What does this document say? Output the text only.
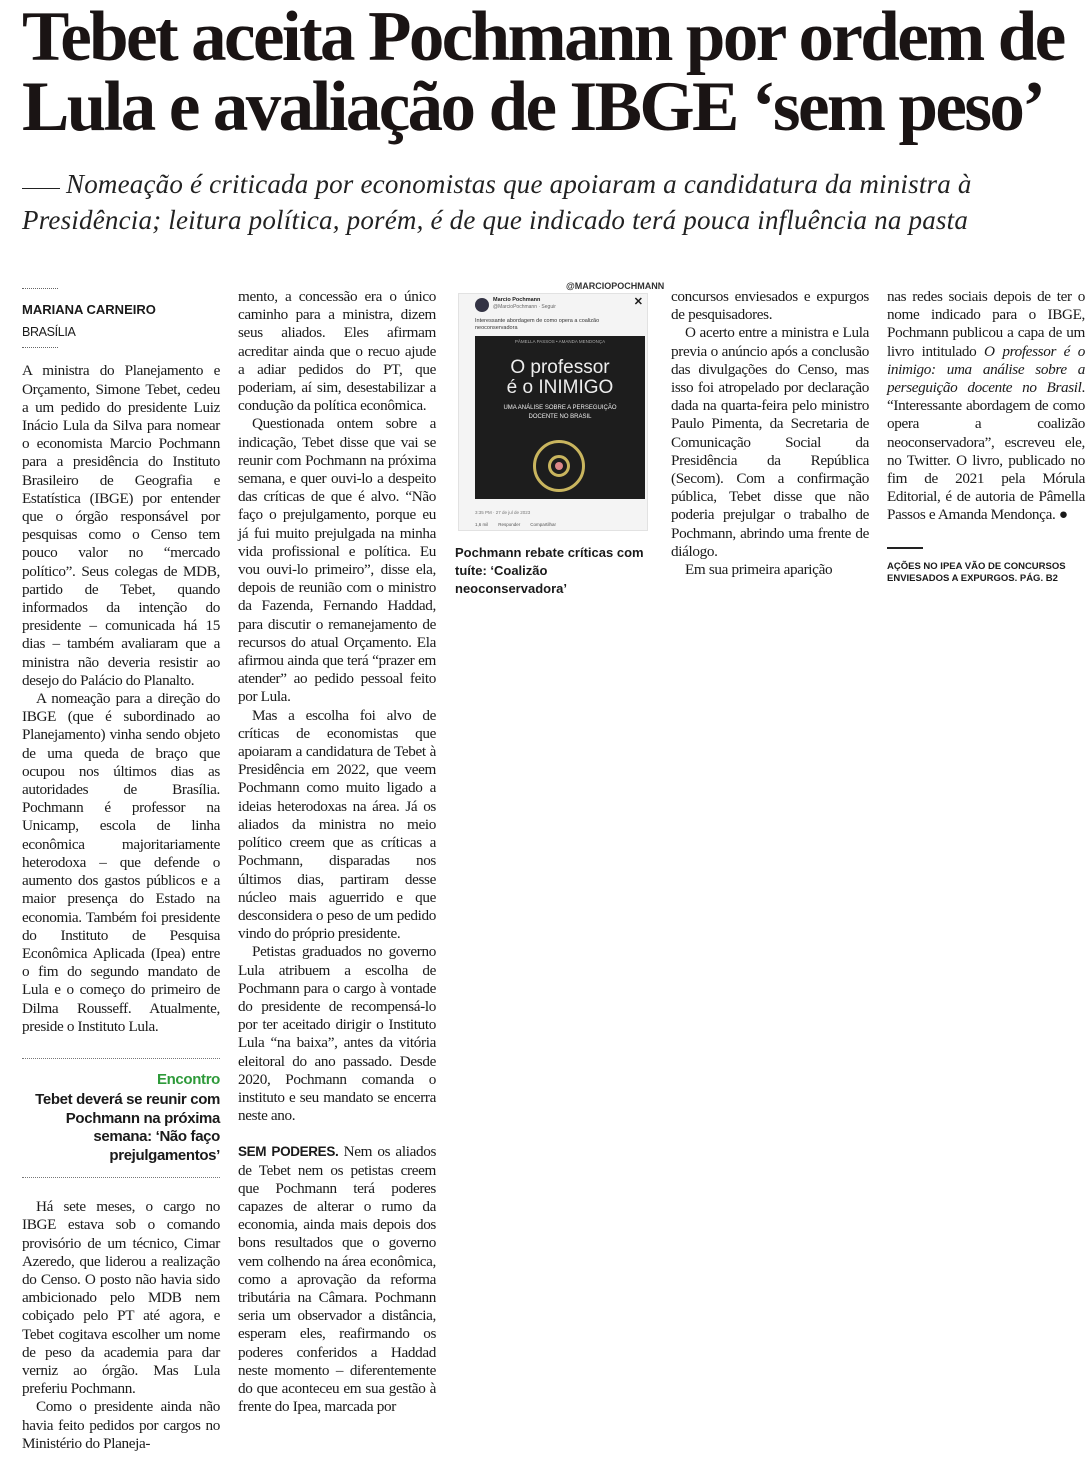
Tebet aceita Pochmann por ordem de Lula e avaliação de IBGE ‘sem peso’
Nomeação é criticada por economistas que apoiaram a candidatura da ministra à Presidência; leitura política, porém, é de que indicado terá pouca influência na pasta
MARIANA CARNEIRO
BRASÍLIA

A ministra do Planejamento e Orçamento, Simone Tebet, cedeu a um pedido do presidente Luiz Inácio Lula da Silva para nomear o economista Marcio Pochmann para a presidência do Instituto Brasileiro de Geografia e Estatística (IBGE) por entender que o órgão responsável por pesquisas como o Censo tem pouco valor no “mercado político”. Seus colegas de MDB, partido de Tebet, quando informados da intenção do presidente – comunicada há 15 dias – também avaliaram que a ministra não deveria resistir ao desejo do Palácio do Planalto.

A nomeação para a direção do IBGE (que é subordinado ao Planejamento) vinha sendo objeto de uma queda de braço que ocupou nos últimos dias as autoridades de Brasília. Pochmann é professor na Unicamp, escola de linha econômica majoritariamente heterodoxa – que defende o aumento dos gastos públicos e a maior presença do Estado na economia. Também foi presidente do Instituto de Pesquisa Econômica Aplicada (Ipea) entre o fim do segundo mandato de Lula e o começo do primeiro de Dilma Rousseff. Atualmente, preside o Instituto Lula.

Encontro
Tebet deverá se reunir com Pochmann na próxima semana: ‘Não faço prejulgamentos’

Há sete meses, o cargo no IBGE estava sob o comando provisório de um técnico, Cimar Azeredo, que liderou a realização do Censo. O posto não havia sido ambicionado pelo MDB nem cobiçado pelo PT até agora, e Tebet cogitava escolher um nome de peso da academia para dar verniz ao órgão. Mas Lula preferiu Pochmann.

Como o presidente ainda não havia feito pedidos por cargos no Ministério do Planeja-

mento, a concessão era o único caminho para a ministra, dizem seus aliados. Eles afirmam acreditar ainda que o recuo ajude a adiar pedidos do PT, que poderiam, aí sim, desestabilizar a condução da política econômica.

Questionada ontem sobre a indicação, Tebet disse que vai se reunir com Pochmann na próxima semana, e quer ouvi-lo a despeito das críticas de que é alvo. “Não faço o prejulgamento, porque eu já fui muito prejulgada na minha vida profissional e política. Eu vou ouvi-lo primeiro”, disse ela, depois de reunião com o ministro da Fazenda, Fernando Haddad, para discutir o remanejamento de recursos do atual Orçamento. Ela afirmou ainda que terá “prazer em atender” ao pedido pessoal feito por Lula.

Mas a escolha foi alvo de críticas de economistas que apoiaram a candidatura de Tebet à Presidência em 2022, que veem Pochmann como muito ligado a ideias heterodoxas na área. Já os aliados da ministra no meio político creem que as críticas a Pochmann, disparadas nos últimos dias, partiram desse núcleo mais aguerrido e que desconsidera o peso de um pedido vindo do próprio presidente.

Petistas graduados no governo Lula atribuem a escolha de Pochmann para o cargo à vontade do presidente de recompensá-lo por ter aceitado dirigir o Instituto Lula “na baixa”, antes da vitória eleitoral do ano passado. Desde 2020, Pochmann comanda o instituto e seu mandato se encerra neste ano.

SEM PODERES. Nem os aliados de Tebet nem os petistas creem que Pochmann terá poderes capazes de alterar o rumo da economia, ainda mais depois dos bons resultados que o governo vem colhendo na área econômica, como a aprovação da reforma tributária na Câmara. Pochmann seria um observador a distância, esperam eles, reafirmando os poderes conferidos a Haddad neste momento – diferentemente do que aconteceu em sua gestão à frente do Ipea, marcada por

@MARCIOPOCHMANN
Marcio Pochmann
@MarcioPochmann · Seguir	✕
Interessante abordagem de como opera a coalizão neoconservadora
PÂMELLA PASSOS • AMANDA MENDONÇA
O professor
é o INIMIGO
UMA ANÁLISE SOBRE A PERSEGUIÇÃO DOCENTE NO BRASIL
3:35 PM · 27 de jul de 2023
1,6 mil Responder Compartilhar
Pochmann rebate críticas com tuíte: ‘Coalizão neoconservadora’

concursos enviesados e expurgos de pesquisadores.

O acerto entre a ministra e Lula previa o anúncio após a conclusão das divulgações do Censo, mas isso foi atropelado por declaração dada na quarta-feira pelo ministro Paulo Pimenta, da Secretaria de Comunicação Social da Presidência da República (Secom). Com a confirmação pública, Tebet disse que não poderia prejulgar o trabalho de Pochmann, abrindo uma frente de diálogo.

Em sua primeira aparição

nas redes sociais depois de ter o nome indicado para o IBGE, Pochmann publicou a capa de um livro intitulado O professor é o inimigo: uma análise sobre a perseguição docente no Brasil. “Interessante abordagem de como opera a coalizão neoconservadora”, escreveu ele, no Twitter. O livro, publicado no fim de 2021 pela Mórula Editorial, é de autoria de Pâmella Passos e Amanda Mendonça. ●

AÇÕES NO IPEA VÃO DE CONCURSOS ENVIESADOS A EXPURGOS. PÁG. B2
